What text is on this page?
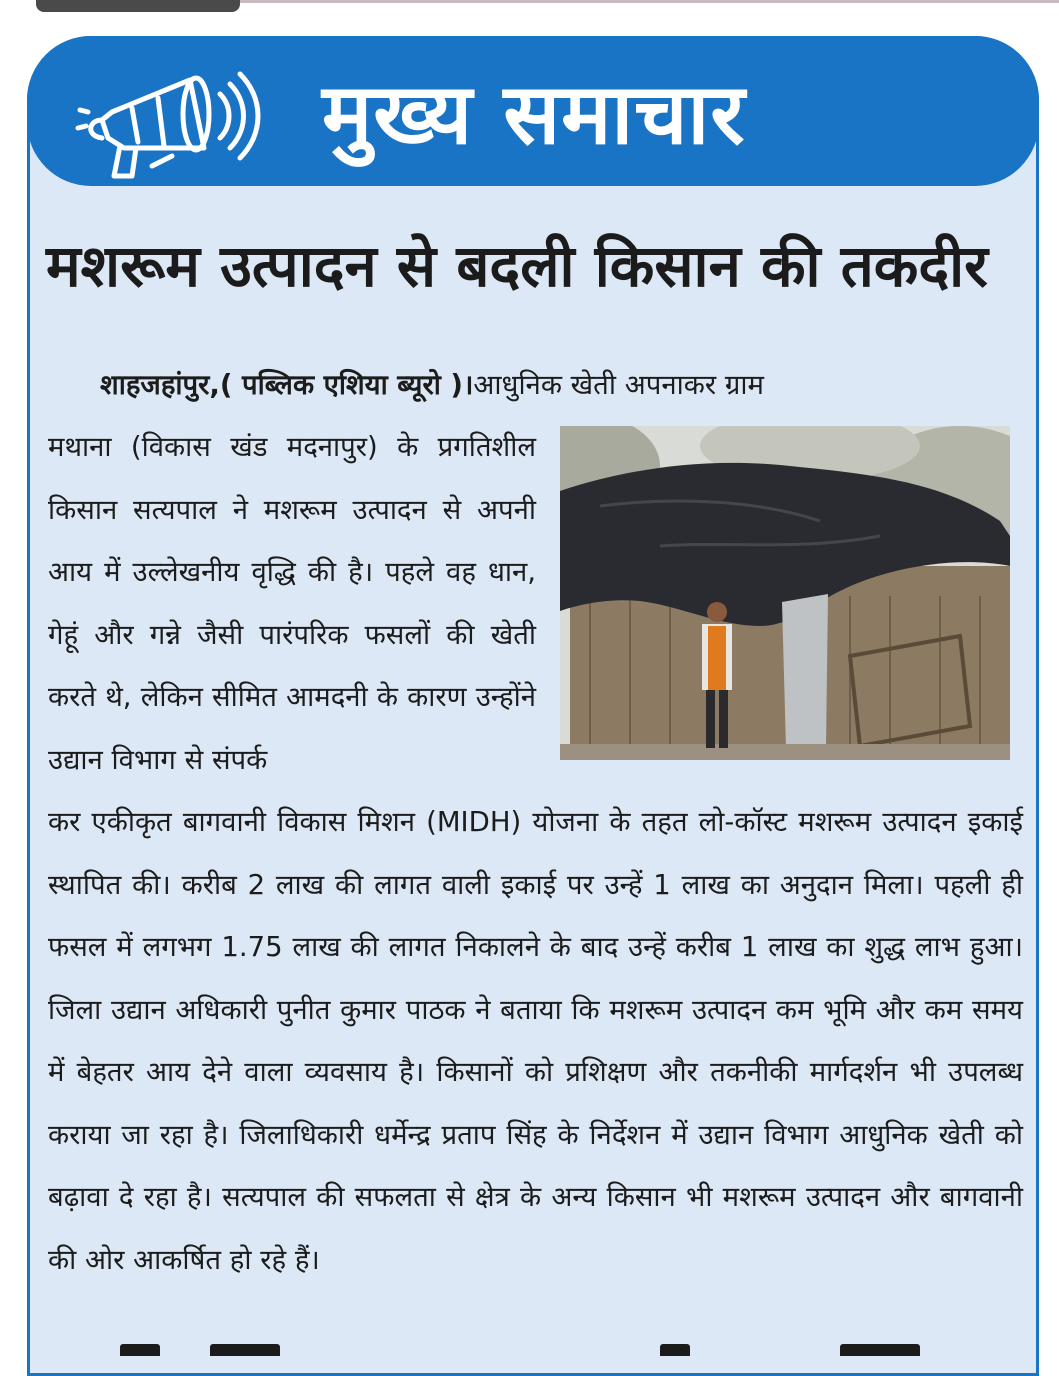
मुख्य समाचार
मशरूम उत्पादन से बदली किसान की तकदीर
शाहजहांपुर,( पब्लिक एशिया ब्यूरो )।आधुनिक खेती अपनाकर ग्राम
मथाना (विकास खंड मदनापुर) के प्रगतिशील किसान सत्यपाल ने मशरूम उत्पादन से अपनी आय में उल्लेखनीय वृद्धि की है। पहले वह धान, गेहूं और गन्ने जैसी पारंपरिक फसलों की खेती करते थे, लेकिन सीमित आमदनी के कारण उन्होंने उद्यान विभाग से संपर्क
कर एकीकृत बागवानी विकास मिशन (MIDH) योजना के तहत लो-कॉस्ट मशरूम उत्पादन इकाई स्थापित की। करीब 2 लाख की लागत वाली इकाई पर उन्हें 1 लाख का अनुदान मिला। पहली ही फसल में लगभग 1.75 लाख की लागत निकालने के बाद उन्हें करीब 1 लाख का शुद्ध लाभ हुआ। जिला उद्यान अधिकारी पुनीत कुमार पाठक ने बताया कि मशरूम उत्पादन कम भूमि और कम समय में बेहतर आय देने वाला व्यवसाय है। किसानों को प्रशिक्षण और तकनीकी मार्गदर्शन भी उपलब्ध कराया जा रहा है। जिलाधिकारी धर्मेन्द्र प्रताप सिंह के निर्देशन में उद्यान विभाग आधुनिक खेती को बढ़ावा दे रहा है। सत्यपाल की सफलता से क्षेत्र के अन्य किसान भी मशरूम उत्पादन और बागवानी की ओर आकर्षित हो रहे हैं।
